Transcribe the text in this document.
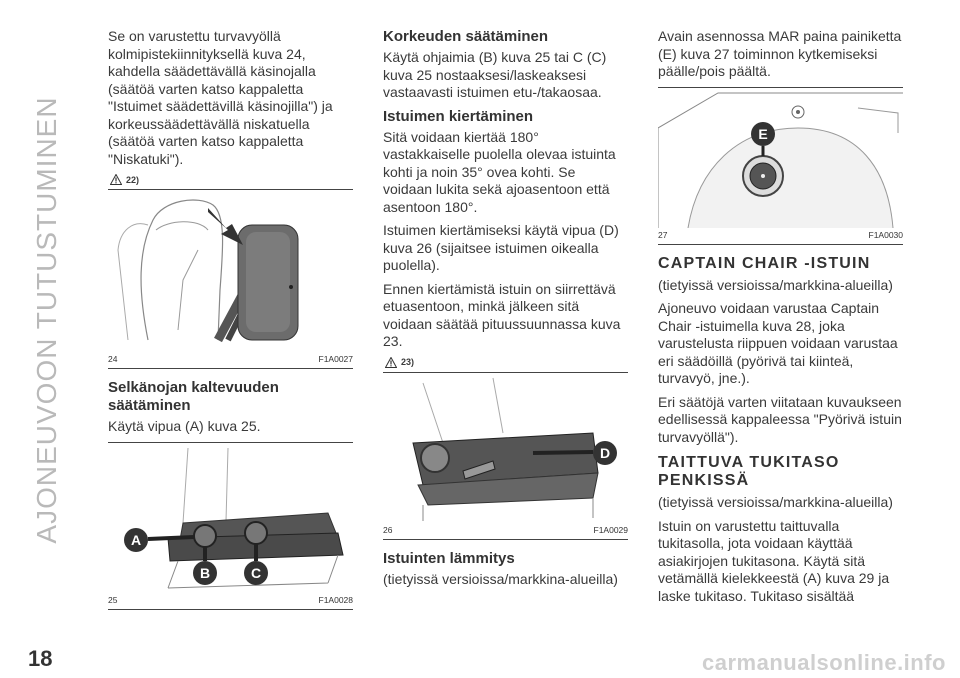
AJONEUVOON TUTUSTUMINEN

Se on varustettu turvavyöllä kolmipistekiinnityksellä kuva 24, kahdella säädettävällä käsinojalla (säätöä varten katso kappaletta "Istuimet säädettävillä käsinojilla") ja korkeussäädettävällä niskatuella (säätöä varten katso kappaletta "Niskatuki").

22)
24	F1A0027
Selkänojan kaltevuuden säätäminen

Käytä vipua (A) kuva 25.

A
B	C
25	F1A0028
Korkeuden säätäminen

Käytä ohjaimia (B) kuva 25 tai C (C) kuva 25 nostaaksesi/laskeaksesi vastaavasti istuimen etu-/takaosaa.

Istuimen kiertäminen

Sitä voidaan kiertää 180° vastakkaiselle puolella olevaa istuinta kohti ja noin 35° ovea kohti. Se voidaan lukita sekä ajoasentoon että asentoon 180°.

Istuimen kiertämiseksi käytä vipua (D) kuva 26 (sijaitsee istuimen oikealla puolella).

Ennen kiertämistä istuin on siirrettävä etuasentoon, minkä jälkeen sitä voidaan säätää pituussuunnassa kuva 23.

23)
D
26	F1A0029
Istuinten lämmitys

(tietyissä versioissa/markkina-alueilla)

Avain asennossa MAR paina painiketta (E) kuva 27 toiminnon kytkemiseksi päälle/pois päältä.

E
27	F1A0030
CAPTAIN CHAIR -ISTUIN

(tietyissä versioissa/markkina-alueilla)

Ajoneuvo voidaan varustaa Captain Chair -istuimella kuva 28, joka varustelusta riippuen voidaan varustaa eri säädöillä (pyörivä tai kiinteä, turvavyö, jne.).

Eri säätöjä varten viitataan kuvaukseen edellisessä kappaleessa "Pyörivä istuin turvavyöllä").

TAITTUVA TUKITASO PENKISSÄ

(tietyissä versioissa/markkina-alueilla)

Istuin on varustettu taittuvalla tukitasolla, jota voidaan käyttää asiakirjojen tukitasona. Käytä sitä vetämällä kielekkeestä (A) kuva 29 ja laske tukitaso. Tukitaso sisältää

18	carmanualsonline.info
